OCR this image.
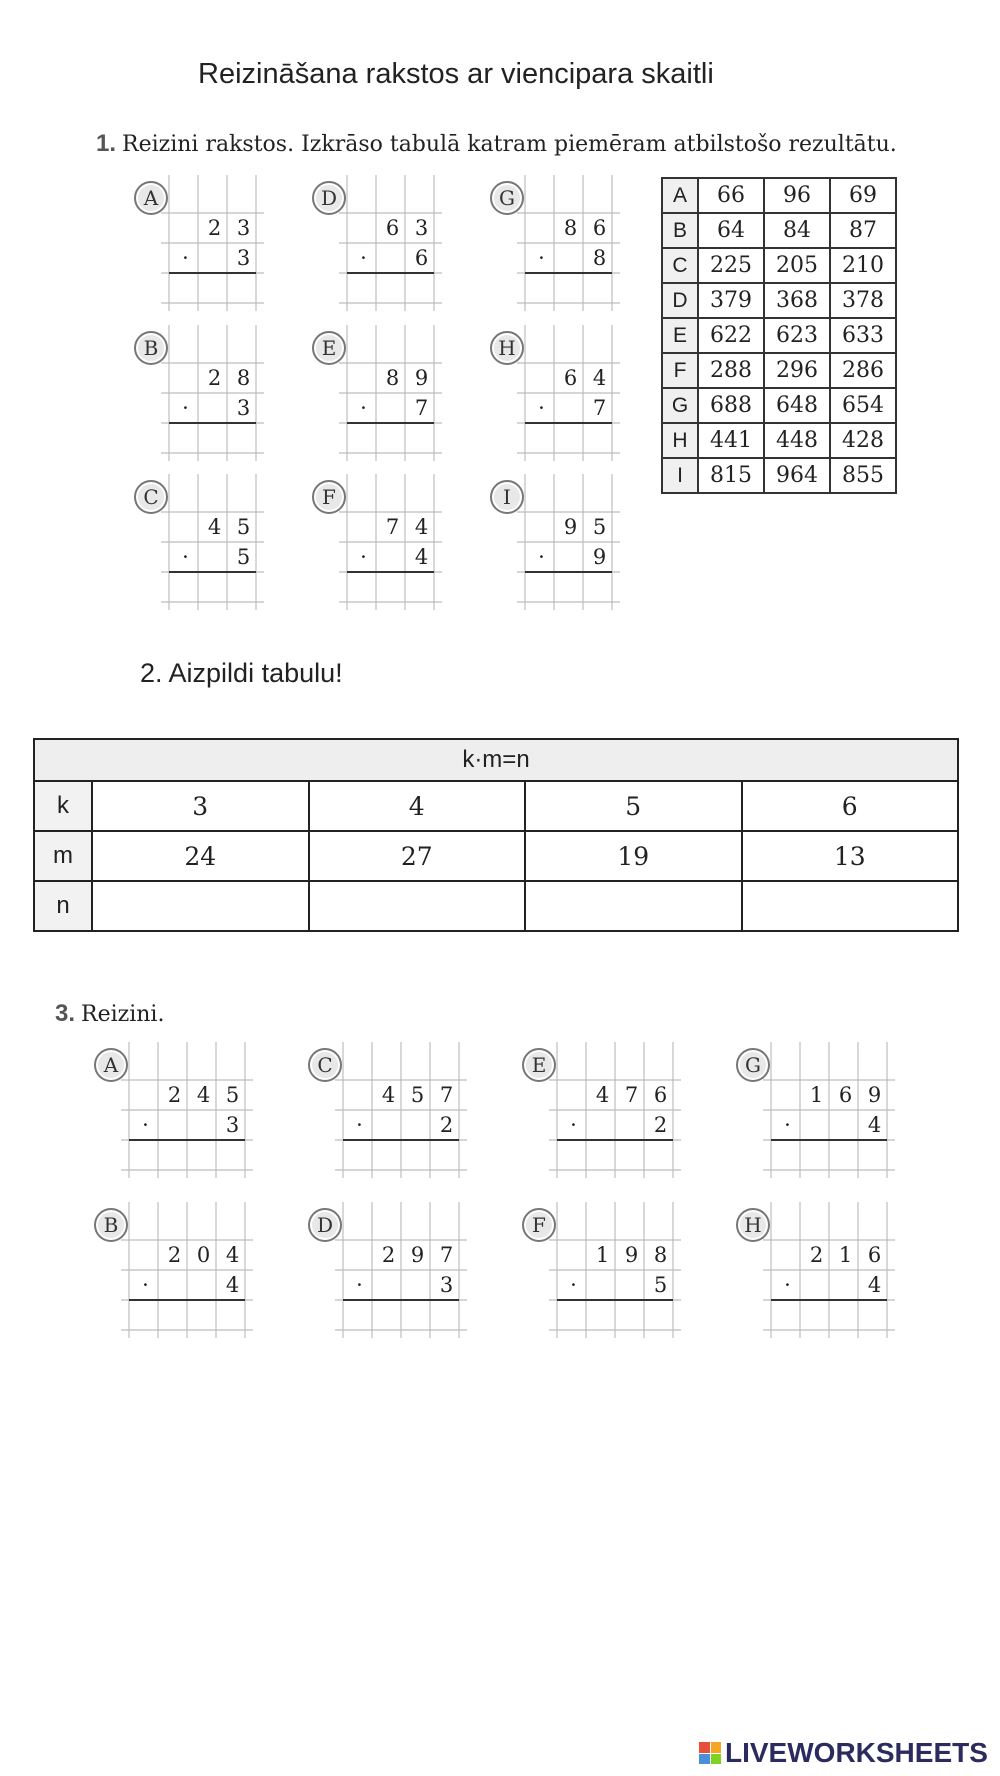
Reizināšana rakstos ar viencipara skaitli
1. Reizini rakstos. Izkrāso tabulā katram piemēram atbilstošo rezultātu.
A
2 3
·	3
D
6 3
·	6
G
8 6
·	8
B
2 8
·	3
E
8 9
·	7
H
6 4
·	7
C
4 5
·	5
F
7 4
·	4
I
9 5
·	9
A	66	96	69
B	64	84	87
C	225	205	210
D	379	368	378
E	622	623	633
F	288	296	286
G	688	648	654
H	441	448	428
I	815	964	855
2. Aizpildi tabulu!
k·m=n				
k	3	4	5	6
m	24	27	19	13
n				
3. Reizini.
A
2 4 5
·	3
C
4 5 7
·	2
E
4 7 6
·	2
G
1 6 9
·	4
B
2 0 4
·	4
D
2 9 7
·	3
F
1 9 8
·	5
H
2 1 6
·	4
LIVEWORKSHEETS
